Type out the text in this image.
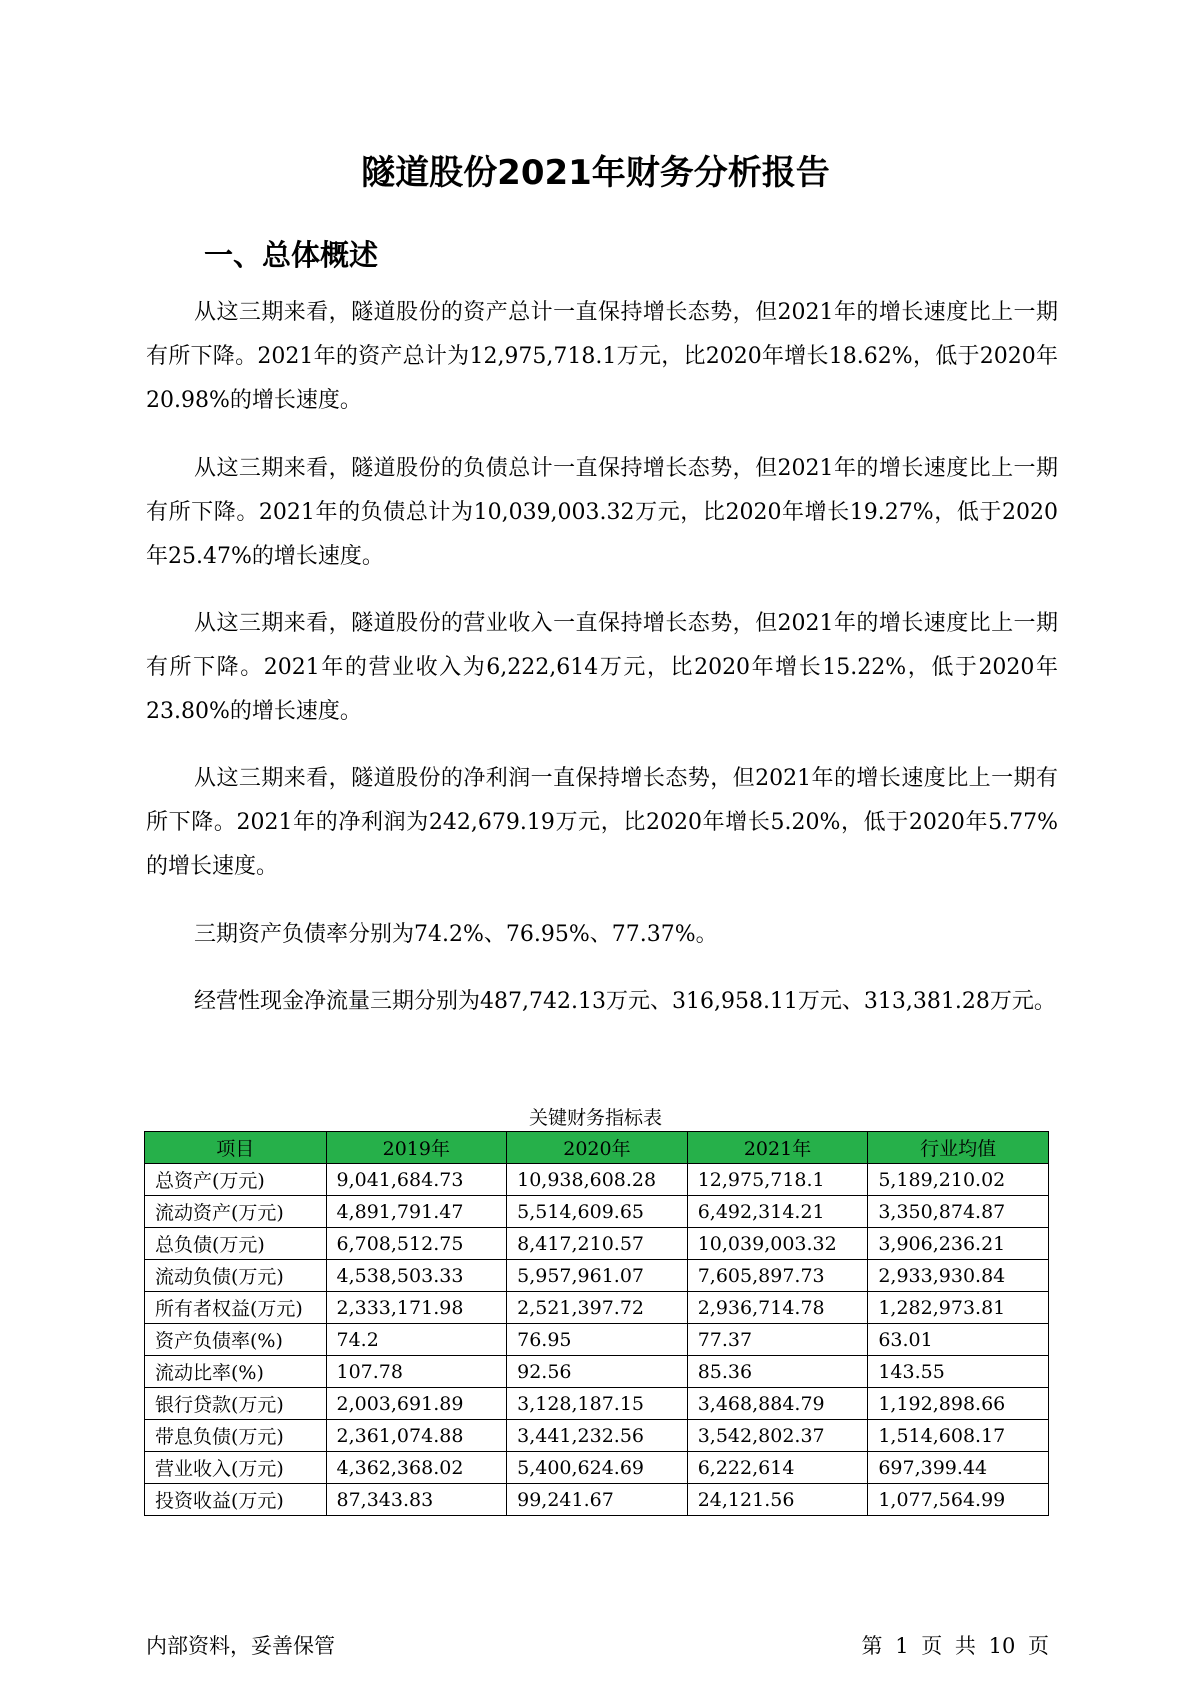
隧道股份2021年财务分析报告
一、总体概述

从这三期来看，隧道股份的资产总计一直保持增长态势，但2021年的增长速度比上一期有所下降。2021年的资产总计为12,975,718.1万元，比2020年增长18.62%，低于2020年20.98%的增长速度。

从这三期来看，隧道股份的负债总计一直保持增长态势，但2021年的增长速度比上一期有所下降。2021年的负债总计为10,039,003.32万元，比2020年增长19.27%，低于2020年25.47%的增长速度。

从这三期来看，隧道股份的营业收入一直保持增长态势，但2021年的增长速度比上一期有所下降。2021年的营业收入为6,222,614万元，比2020年增长15.22%，低于2020年23.80%的增长速度。

从这三期来看，隧道股份的净利润一直保持增长态势，但2021年的增长速度比上一期有所下降。2021年的净利润为242,679.19万元，比2020年增长5.20%，低于2020年5.77%的增长速度。

三期资产负债率分别为74.2%、76.95%、77.37%。

经营性现金净流量三期分别为487,742.13万元、316,958.11万元、313,381.28万元。

关键财务指标表
项目	2019年	2020年	2021年	行业均值
总资产(万元)	9,041,684.73	10,938,608.28	12,975,718.1	5,189,210.02
流动资产(万元)	4,891,791.47	5,514,609.65	6,492,314.21	3,350,874.87
总负债(万元)	6,708,512.75	8,417,210.57	10,039,003.32	3,906,236.21
流动负债(万元)	4,538,503.33	5,957,961.07	7,605,897.73	2,933,930.84
所有者权益(万元)	2,333,171.98	2,521,397.72	2,936,714.78	1,282,973.81
资产负债率(%)	74.2	76.95	77.37	63.01
流动比率(%)	107.78	92.56	85.36	143.55
银行贷款(万元)	2,003,691.89	3,128,187.15	3,468,884.79	1,192,898.66
带息负债(万元)	2,361,074.88	3,441,232.56	3,542,802.37	1,514,608.17
营业收入(万元)	4,362,368.02	5,400,624.69	6,222,614	697,399.44
投资收益(万元)	87,343.83	99,241.67	24,121.56	1,077,564.99
内部资料，妥善保管	第 1 页 共 10 页
